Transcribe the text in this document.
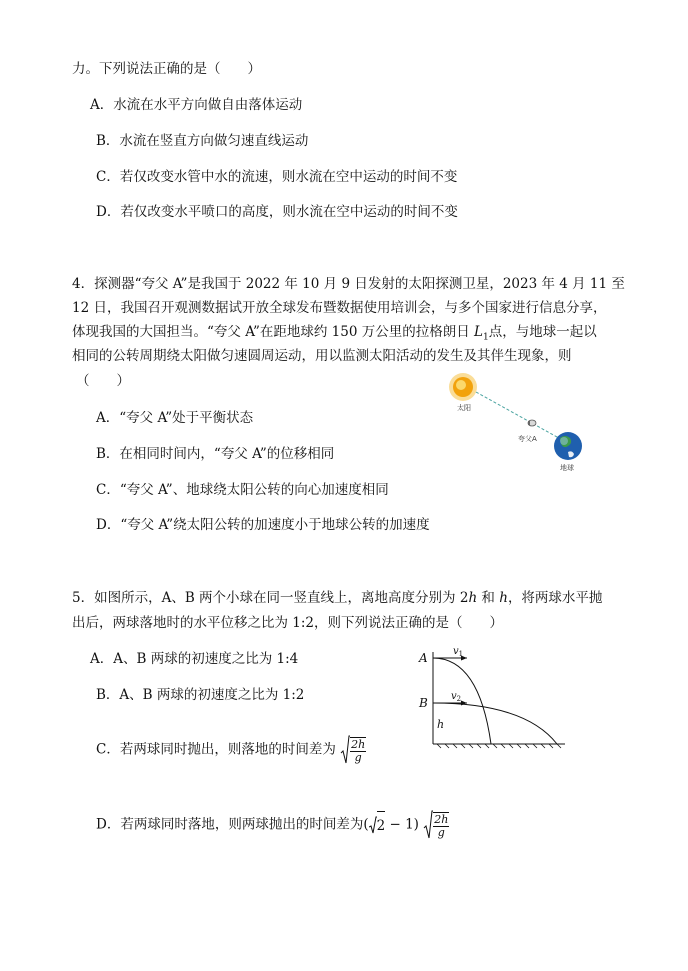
力。下列说法正确的是（　　）
A．水流在水平方向做自由落体运动
B．水流在竖直方向做匀速直线运动
C．若仅改变水管中水的流速，则水流在空中运动的时间不变
D．若仅改变水平喷口的高度，则水流在空中运动的时间不变
4．探测器“夸父 A”是我国于 2022 年 10 月 9 日发射的太阳探测卫星，2023 年 4 月 11 至
12 日，我国召开观测数据试开放全球发布暨数据使用培训会，与多个国家进行信息分享，
体现我国的大国担当。“夸父 A”在距地球约 150 万公里的拉格朗日 $L_1$点，与地球一起以
相同的公转周期绕太阳做匀速圆周运动，用以监测太阳活动的发生及其伴生现象，则
（　　）
A．“夸父 A”处于平衡状态
B．在相同时间内，“夸父 A”的位移相同
C．“夸父 A”、地球绕太阳公转的向心加速度相同
D．“夸父 A”绕太阳公转的加速度小于地球公转的加速度
太阳
夸父A
地球
5．如图所示，A、B 两个小球在同一竖直线上，离地高度分别为 2h 和 h，将两球水平抛
出后，两球落地时的水平位移之比为 1:2，则下列说法正确的是（　　）
A．A、B 两球的初速度之比为 1:4
B．A、B 两球的初速度之比为 1:2
C．若两球同时抛出，则落地的时间差为 $\frac{2h}{g}$
D．若两球同时落地，则两球抛出的时间差为( $2 - 1) \frac{2h}{g}$
A
B
$v_1$
$v_2$
h
